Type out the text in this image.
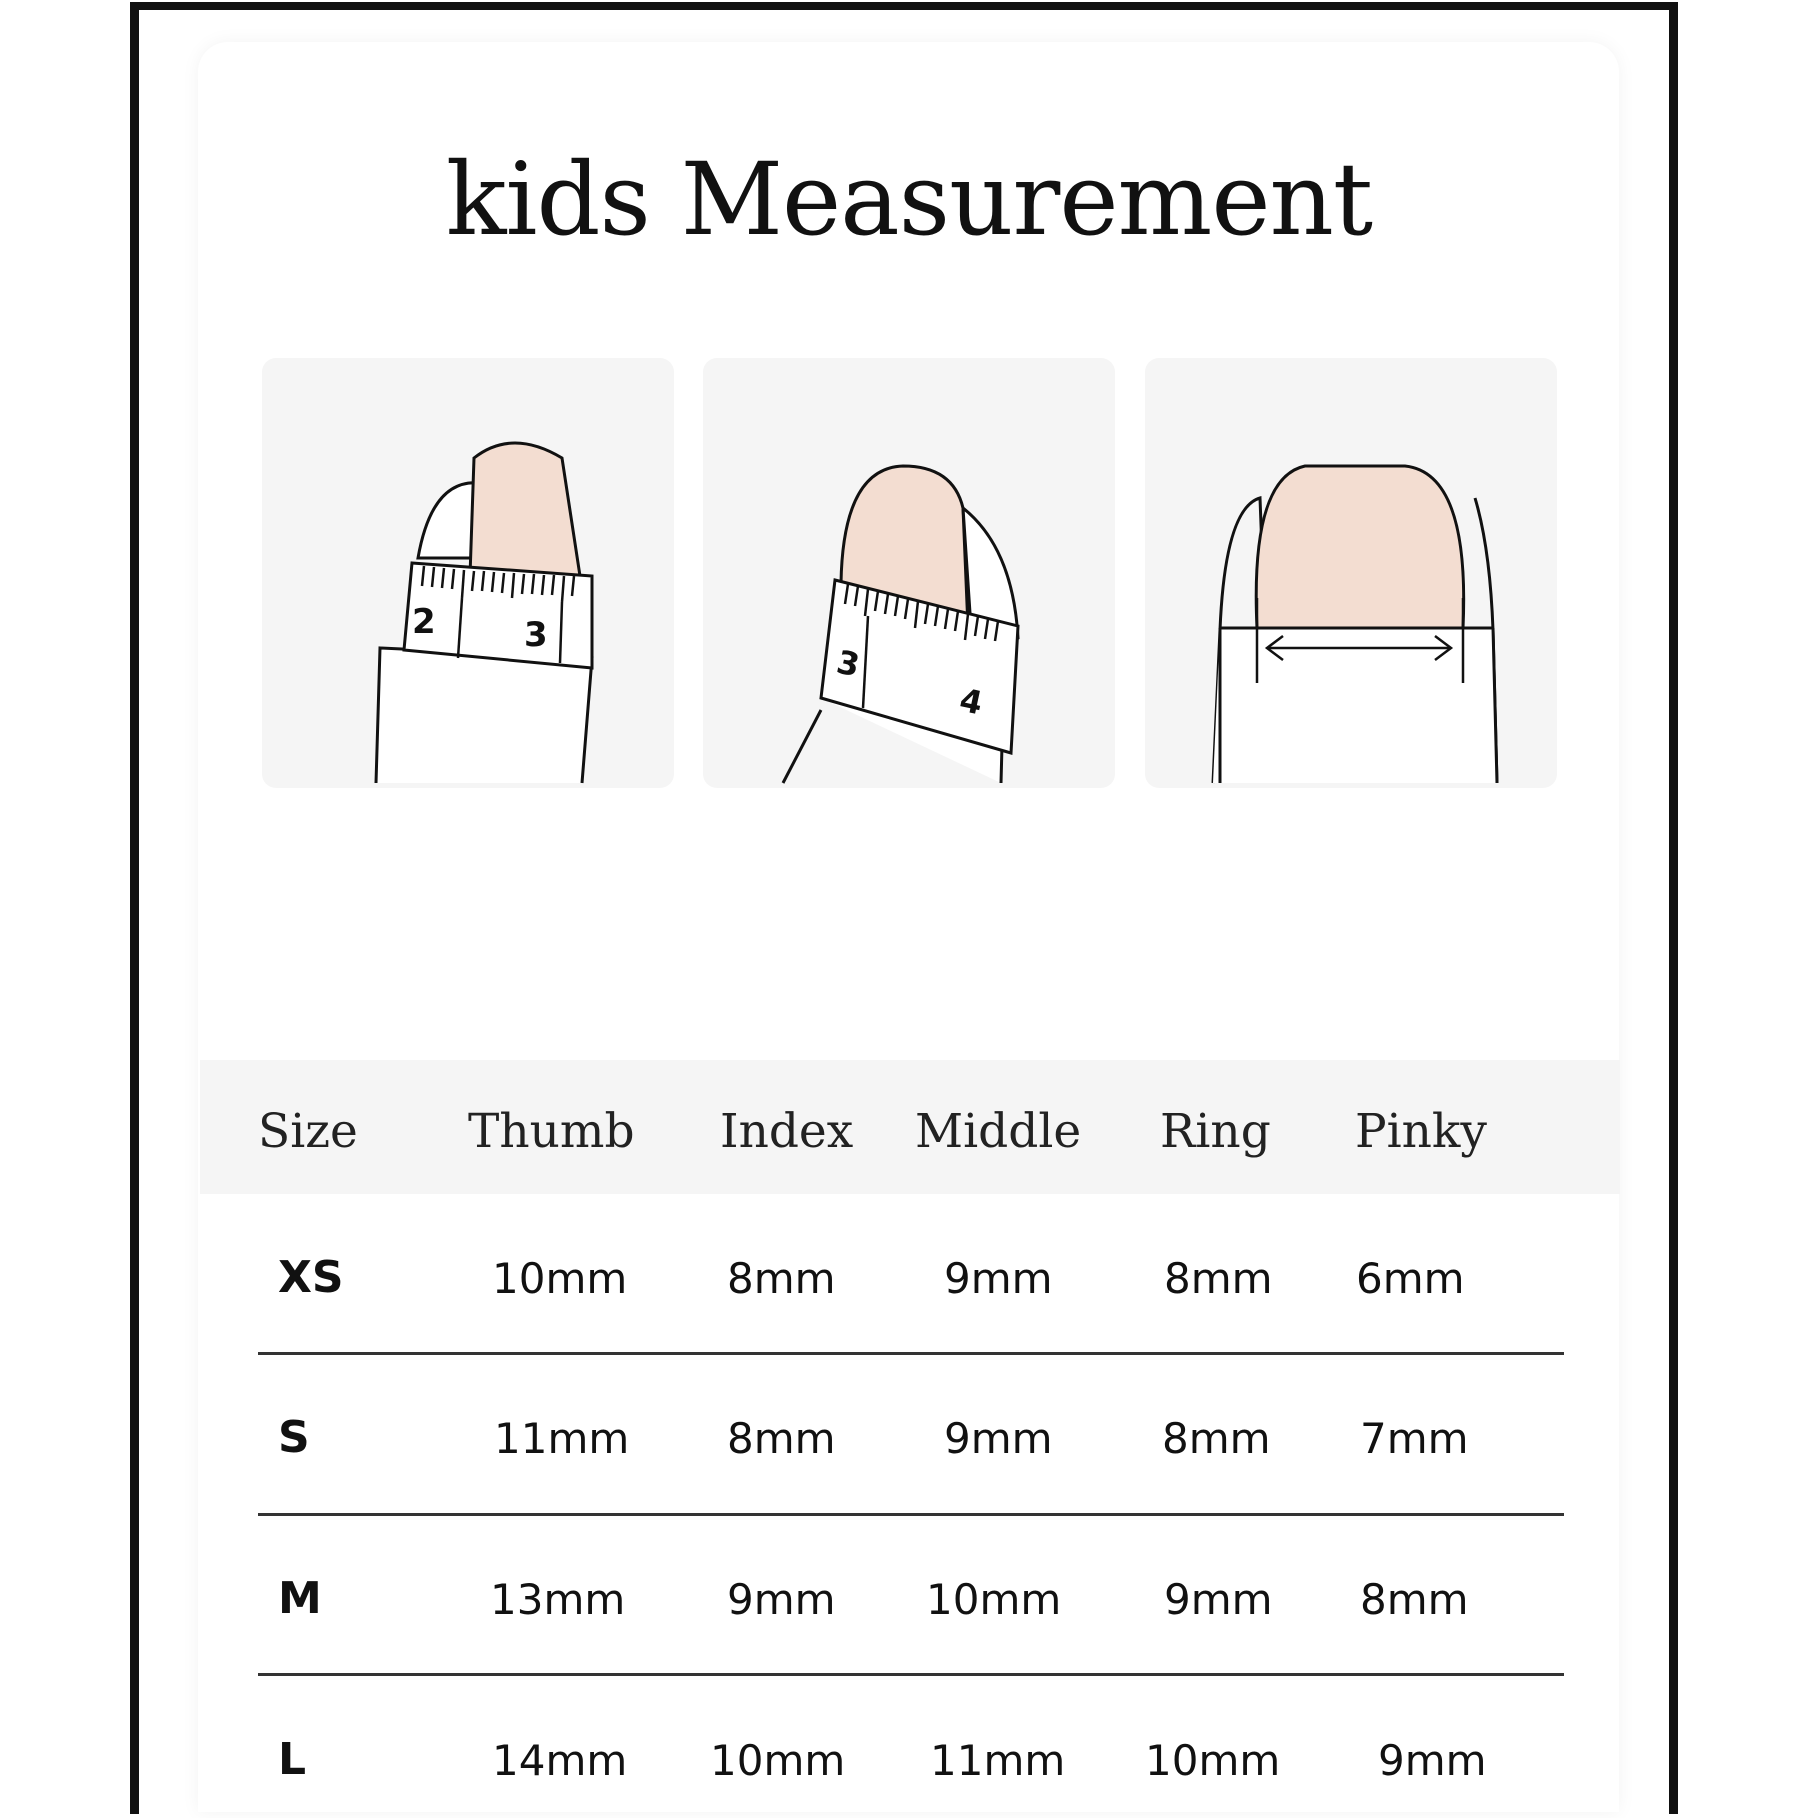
kids Measurement
2	3
3
4
Size Thumb Index Middle Ring Pinky
XS	10mm 8mm	9mm	8mm 6mm
S	11mm 8mm	9mm	8mm 7mm
M	13mm 9mm 10mm 9mm 8mm
L	14mm 10mm 11mm 10mm 9mm
